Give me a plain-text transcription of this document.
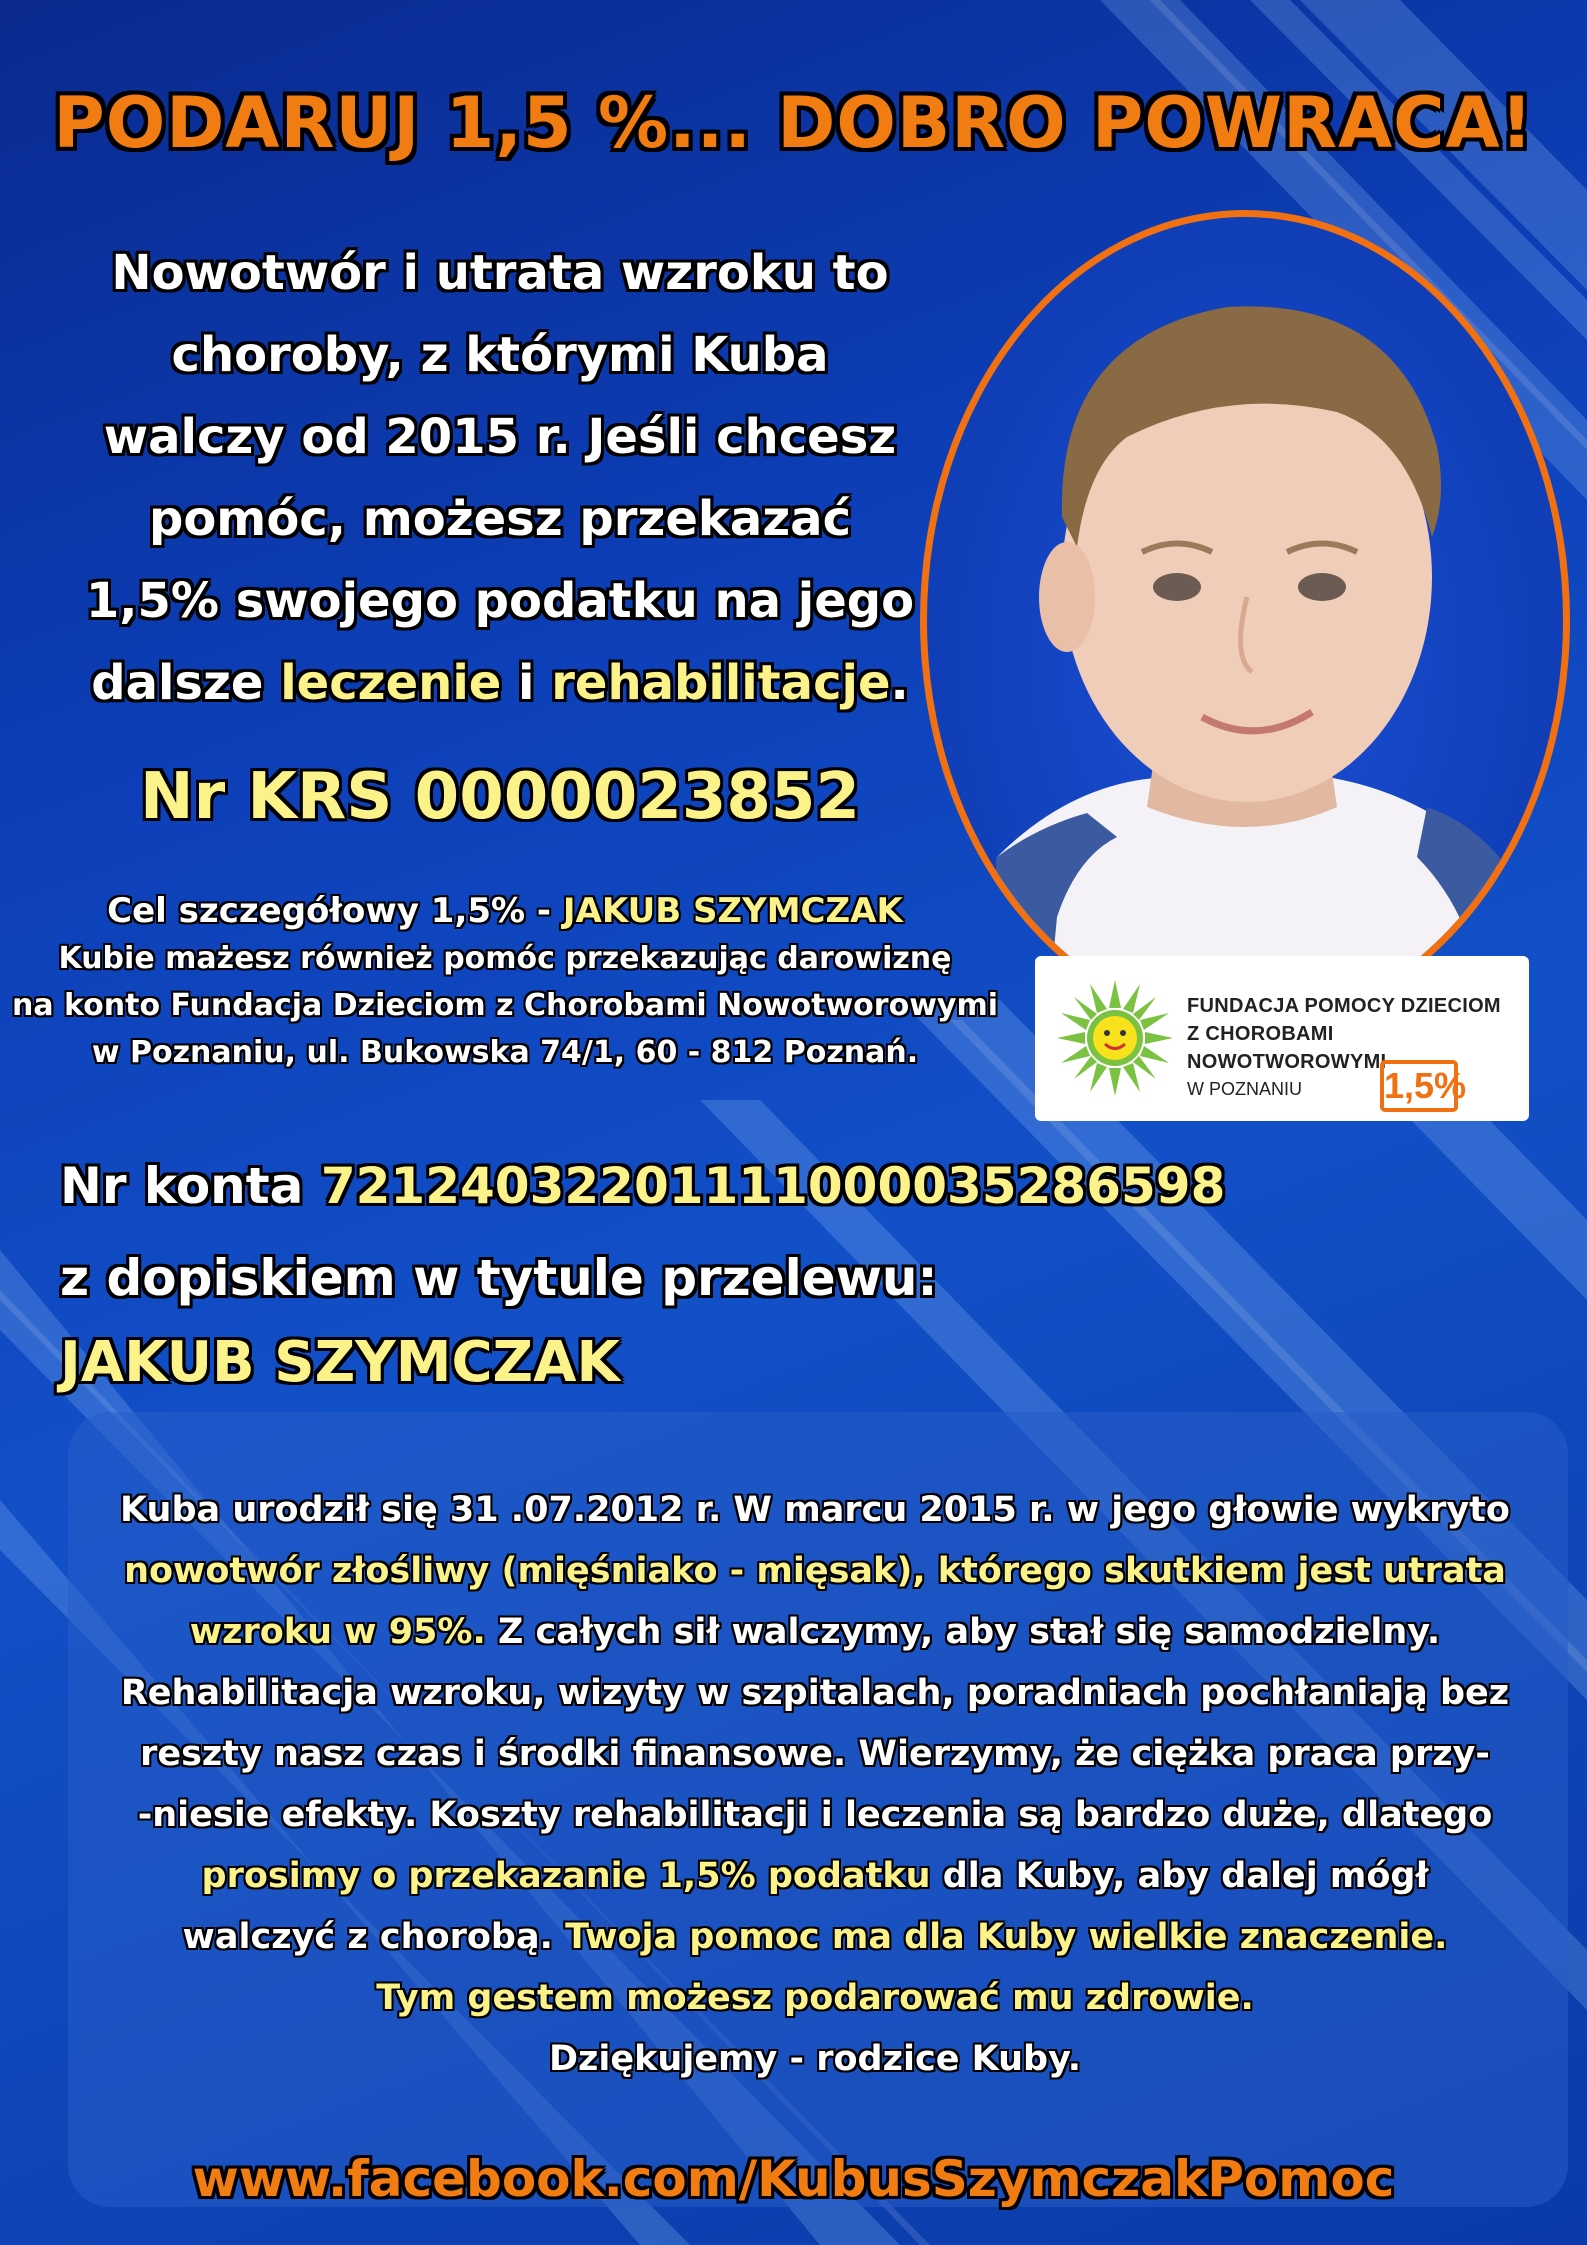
PODARUJ 1,5 %... DOBRO POWRACA!
Nowotwór i utrata wzroku to
choroby, z którymi Kuba
walczy od 2015 r. Jeśli chcesz
pomóc, możesz przekazać
1,5% swojego podatku na jego
dalsze leczenie i rehabilitacje.
Nr KRS 0000023852
Cel szczegółowy 1,5% - JAKUB SZYMCZAK
Kubie mażesz również pomóc przekazując darowiznę
na konto Fundacja Dzieciom z Chorobami Nowotworowymi
w Poznaniu, ul. Bukowska 74/1, 60 - 812 Poznań.
Nr konta 72124032201111000035286598
z dopiskiem w tytule przelewu:
JAKUB SZYMCZAK
FUNDACJA POMOCY DZIECIOM
Z CHOROBAMI NOWOTWOROWYMI
W POZNANIU	1,5%
Kuba urodził się 31 .07.2012 r. W marcu 2015 r. w jego głowie wykryto
nowotwór złośliwy (mięśniako - mięsak), którego skutkiem jest utrata
wzroku w 95%. Z całych sił walczymy, aby stał się samodzielny.
Rehabilitacja wzroku, wizyty w szpitalach, poradniach pochłaniają bez
reszty nasz czas i środki finansowe. Wierzymy, że ciężka praca przy-
-niesie efekty. Koszty rehabilitacji i leczenia są bardzo duże, dlatego
prosimy o przekazanie 1,5% podatku dla Kuby, aby dalej mógł
walczyć z chorobą. Twoja pomoc ma dla Kuby wielkie znaczenie.
Tym gestem możesz podarować mu zdrowie.
Dziękujemy - rodzice Kuby.
www.facebook.com/KubusSzymczakPomoc
